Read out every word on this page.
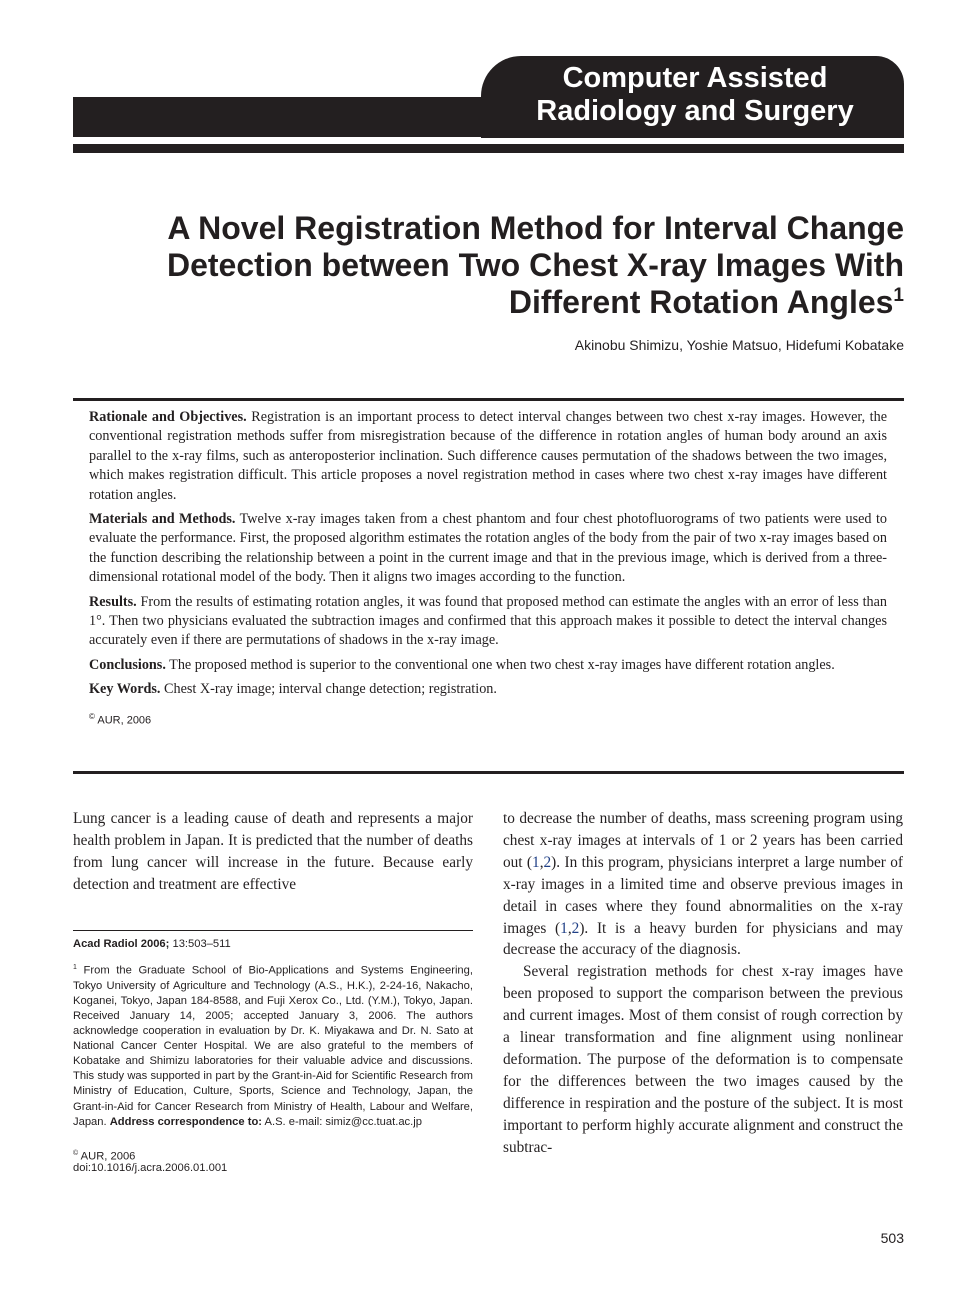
Computer Assisted
Radiology and Surgery
A Novel Registration Method for Interval Change
Detection between Two Chest X-ray Images With
Different Rotation Angles$^1$
Akinobu Shimizu, Yoshie Matsuo, Hidefumi Kobatake

Rationale and Objectives. Registration is an important process to detect interval changes between two chest x-ray images. However, the conventional registration methods suffer from misregistration because of the difference in rotation angles of human body around an axis parallel to the x-ray films, such as anteroposterior inclination. Such difference causes permutation of the shadows between the two images, which makes registration difficult. This article proposes a novel registration method in cases where two chest x-ray images have different rotation angles.

Materials and Methods. Twelve x-ray images taken from a chest phantom and four chest photofluorograms of two patients were used to evaluate the performance. First, the proposed algorithm estimates the rotation angles of the body from the pair of two x-ray images based on the function describing the relationship between a point in the current image and that in the previous image, which is derived from a three-dimensional rotational model of the body. Then it aligns two images according to the function.

Results. From the results of estimating rotation angles, it was found that proposed method can estimate the angles with an error of less than 1°. Then two physicians evaluated the subtraction images and confirmed that this approach makes it possible to detect the interval changes accurately even if there are permutations of shadows in the x-ray image.

Conclusions. The proposed method is superior to the conventional one when two chest x-ray images have different rotation angles.

Key Words. Chest X-ray image; interval change detection; registration.

© AUR, 2006

Lung cancer is a leading cause of death and represents a major health problem in Japan. It is predicted that the number of deaths from lung cancer will increase in the future. Because early detection and treatment are effective

to decrease the number of deaths, mass screening program using chest x-ray images at intervals of 1 or 2 years has been carried out (1,2). In this program, physicians interpret a large number of x-ray images in a limited time and observe previous images in detail in cases where they found abnormalities on the x-ray images (1,2). It is a heavy burden for physicians and may decrease the accuracy of the diagnosis.

Several registration methods for chest x-ray images have been proposed to support the comparison between the previous and current images. Most of them consist of rough correction by a linear transformation and fine alignment using nonlinear deformation. The purpose of the deformation is to compensate for the differences between the two images caused by the difference in respiration and the posture of the subject. It is most important to perform highly accurate alignment and construct the subtrac-

Acad Radiol 2006; 13:503–511
$^1$ From the Graduate School of Bio-Applications and Systems Engineering, Tokyo University of Agriculture and Technology (A.S., H.K.), 2-24-16, Nakacho, Koganei, Tokyo, Japan 184-8588, and Fuji Xerox Co., Ltd. (Y.M.), Tokyo, Japan. Received January 14, 2005; accepted January 3, 2006. The authors acknowledge cooperation in evaluation by Dr. K. Miyakawa and Dr. N. Sato at National Cancer Center Hospital. We are also grateful to the members of Kobatake and Shimizu laboratories for their valuable advice and discussions. This study was supported in part by the Grant-in-Aid for Scientific Research from Ministry of Education, Culture, Sports, Science and Technology, Japan, the Grant-in-Aid for Cancer Research from Ministry of Health, Labour and Welfare, Japan. Address correspondence to: A.S. e-mail: simiz@cc.tuat.ac.jp
© AUR, 2006
doi:10.1016/j.acra.2006.01.001
503
